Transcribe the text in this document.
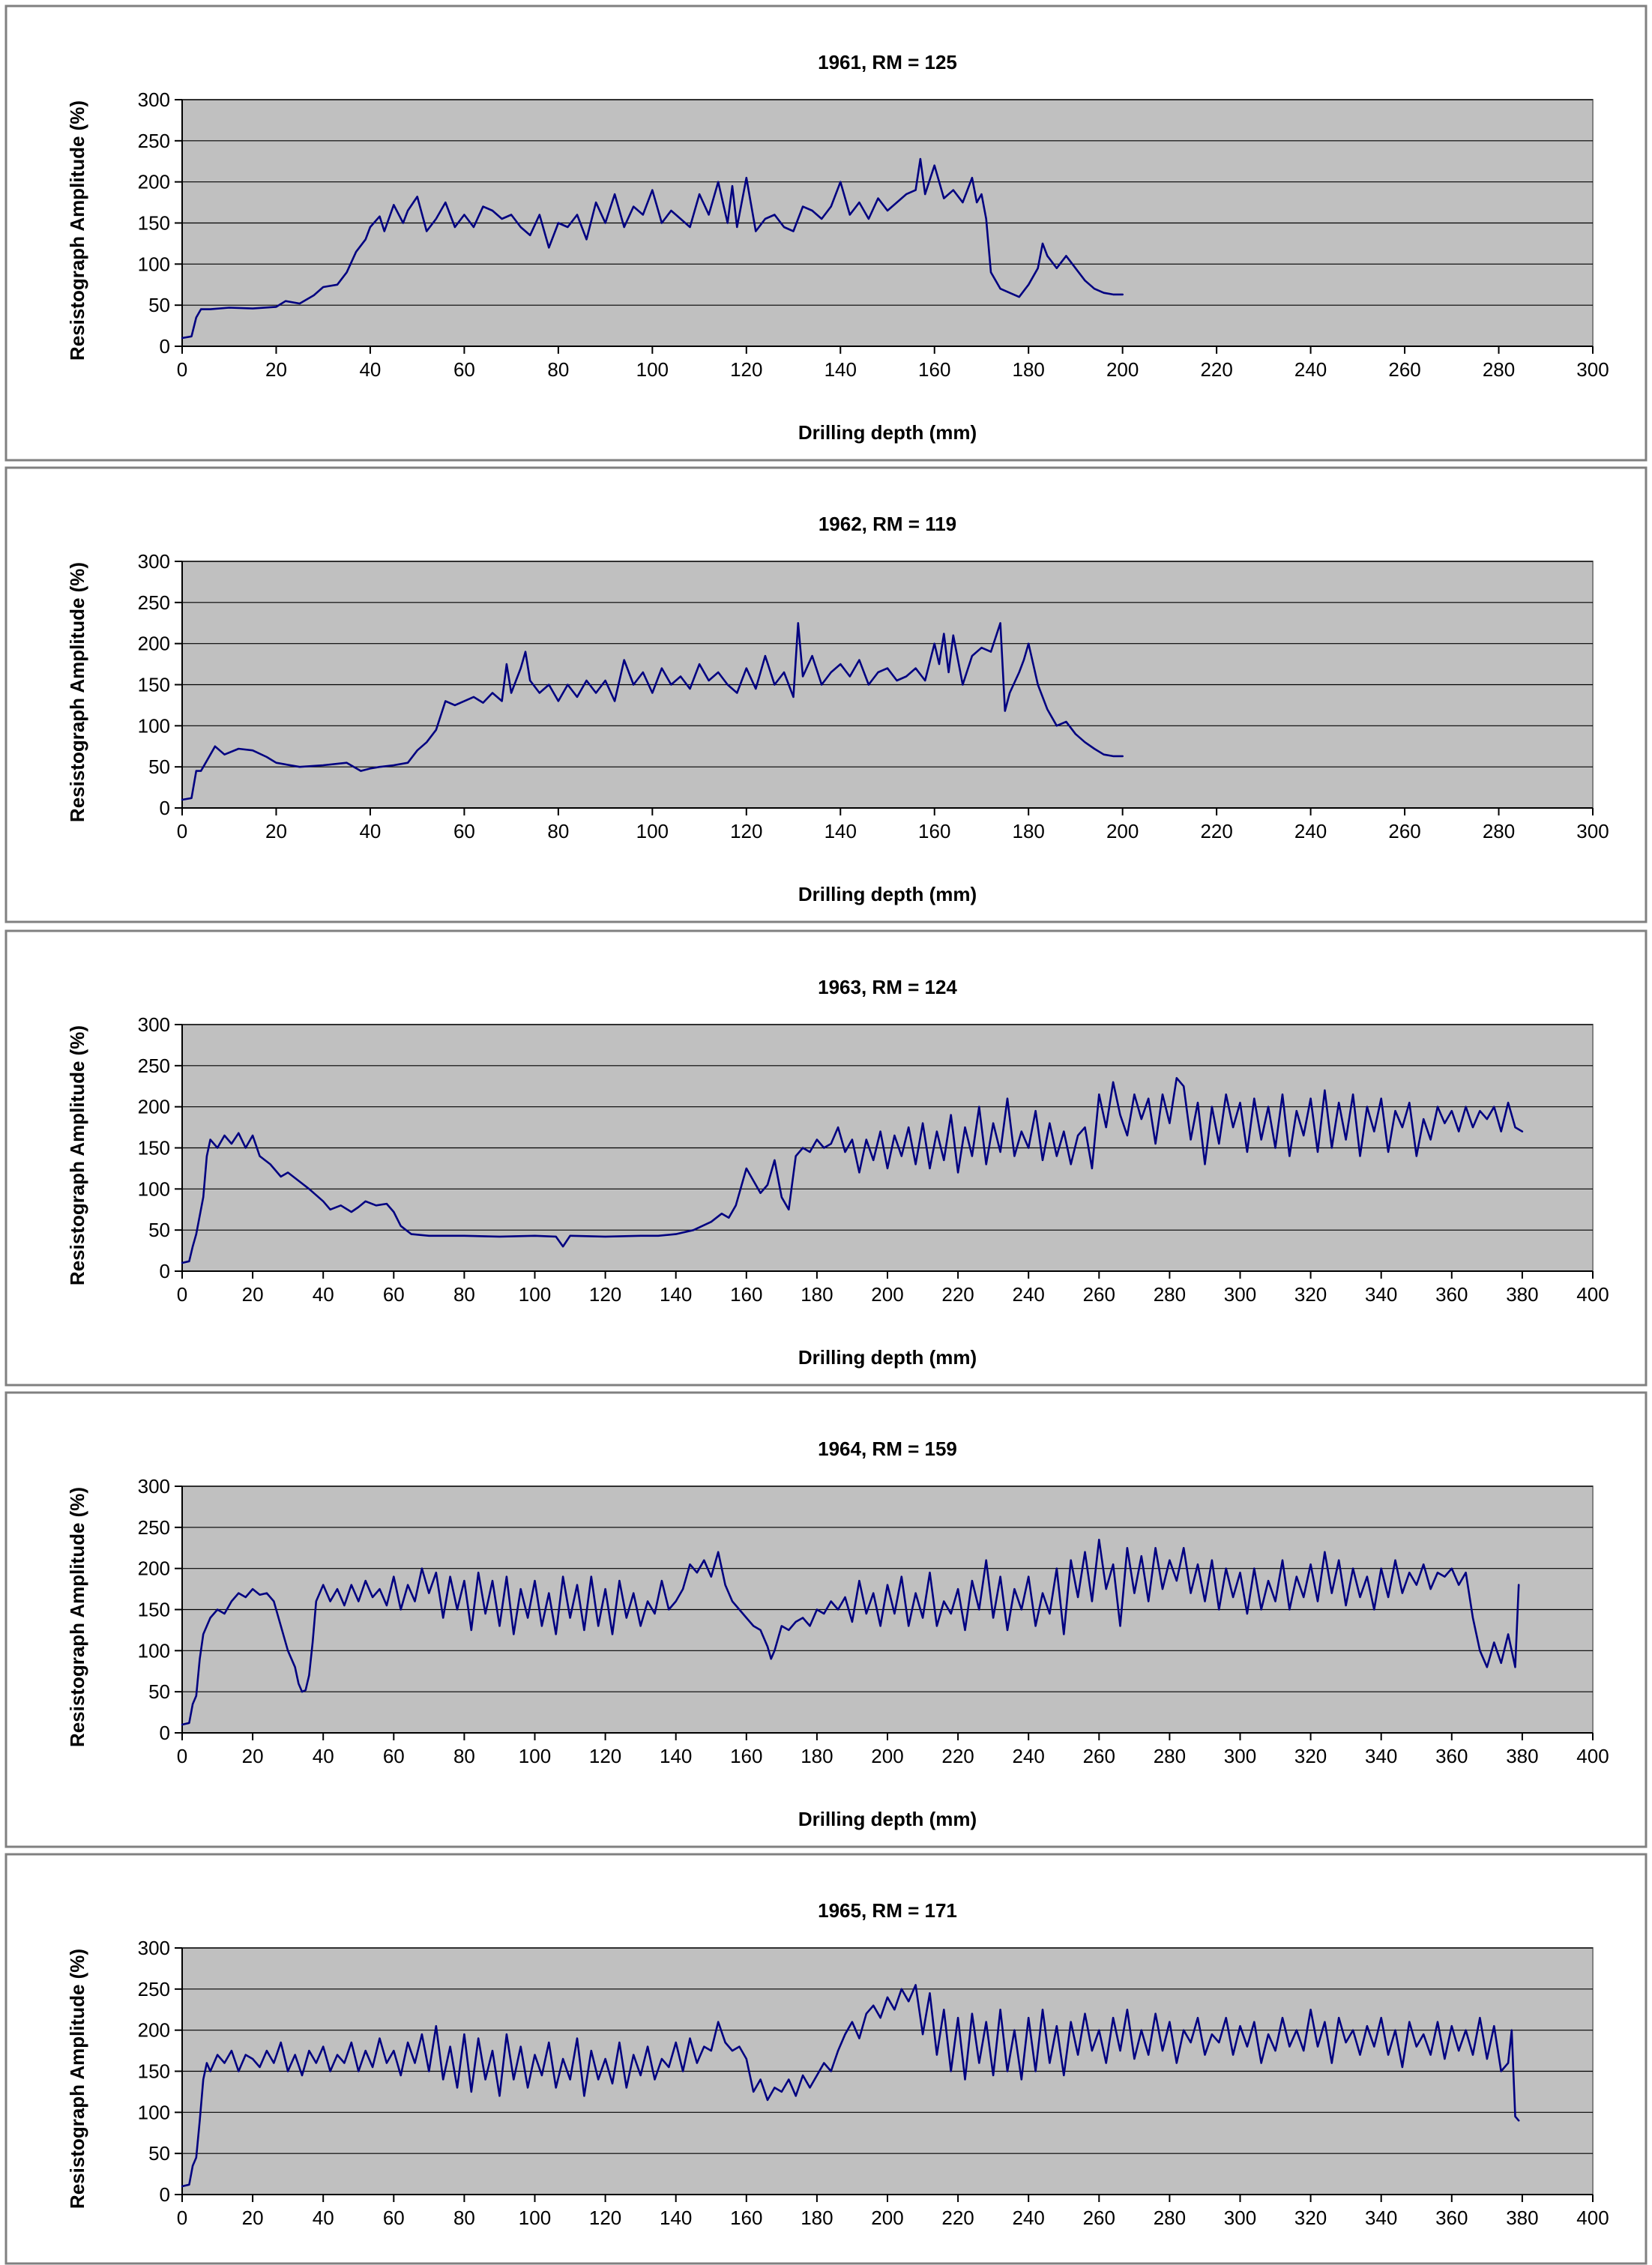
0
50
100
150
200
250
300
0	20	40	60	80	100	120	140	160	180	200	220	240	260	280	300
1961, RM = 125
Drilling depth (mm)
Resistograph Amplitude (%)
0
50
100
150
200
250
300
0	20	40	60	80	100	120	140	160	180	200	220	240	260	280	300
1962, RM = 119
Drilling depth (mm)
Resistograph Amplitude (%)
0
50
100
150
200
250
300
0	20	40	60	80 100 120 140 160 180 200 220 240 260 280 300 320 340 360 380 400
1963, RM = 124
Drilling depth (mm)
Resistograph Amplitude (%)
0
50
100
150
200
250
300
0	20	40	60	80 100 120 140 160 180 200 220 240 260 280 300 320 340 360 380 400
1964, RM = 159
Drilling depth (mm)
Resistograph Amplitude (%)
0
50
100
150
200
250
300
0	20	40	60	80 100 120 140 160 180 200 220 240 260 280 300 320 340 360 380 400
1965, RM = 171
Resistograph Amplitude (%)
